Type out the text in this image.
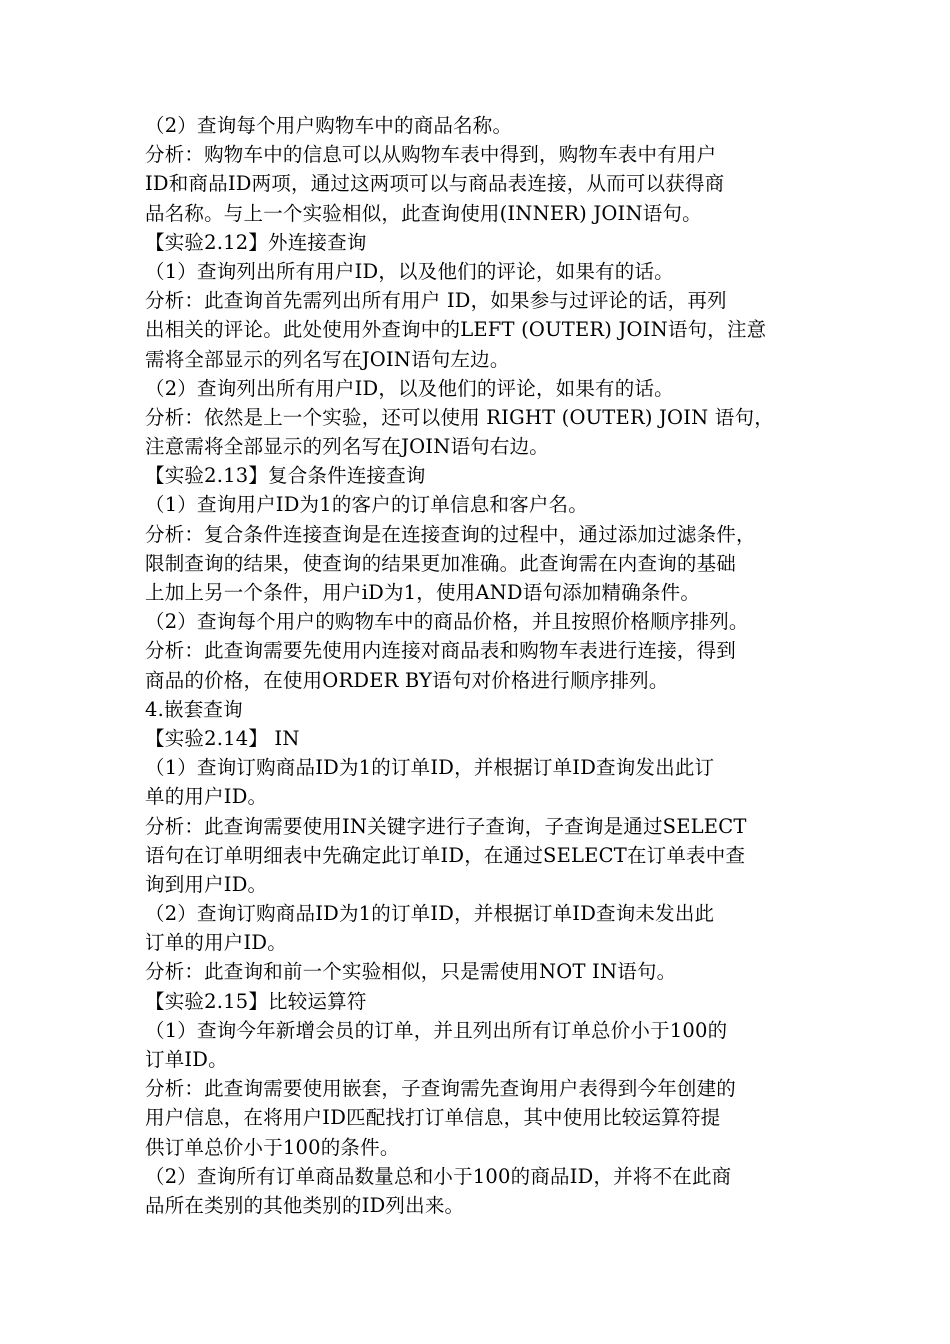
（2）查询每个用户购物车中的商品名称。
分析：购物车中的信息可以从购物车表中得到，购物车表中有用户
ID和商品ID两项，通过这两项可以与商品表连接，从而可以获得商
品名称。与上一个实验相似，此查询使用(INNER) JOIN语句。
【实验2.12】外连接查询
（1）查询列出所有用户ID，以及他们的评论，如果有的话。
分析：此查询首先需列出所有用户 ID，如果参与过评论的话，再列
出相关的评论。此处使用外查询中的LEFT (OUTER) JOIN语句，注意
需将全部显示的列名写在JOIN语句左边。
（2）查询列出所有用户ID，以及他们的评论，如果有的话。
分析：依然是上一个实验，还可以使用 RIGHT (OUTER) JOIN 语句，
注意需将全部显示的列名写在JOIN语句右边。
【实验2.13】复合条件连接查询
（1）查询用户ID为1的客户的订单信息和客户名。
分析：复合条件连接查询是在连接查询的过程中，通过添加过滤条件，
限制查询的结果，使查询的结果更加准确。此查询需在内查询的基础
上加上另一个条件，用户iD为1，使用AND语句添加精确条件。
（2）查询每个用户的购物车中的商品价格，并且按照价格顺序排列。
分析：此查询需要先使用内连接对商品表和购物车表进行连接，得到
商品的价格，在使用ORDER BY语句对价格进行顺序排列。
4.嵌套查询
【实验2.14】 IN
（1）查询订购商品ID为1的订单ID，并根据订单ID查询发出此订
单的用户ID。
分析：此查询需要使用IN关键字进行子查询，子查询是通过SELECT
语句在订单明细表中先确定此订单ID，在通过SELECT在订单表中查
询到用户ID。
（2）查询订购商品ID为1的订单ID，并根据订单ID查询未发出此
订单的用户ID。
分析：此查询和前一个实验相似，只是需使用NOT IN语句。
【实验2.15】比较运算符
（1）查询今年新增会员的订单，并且列出所有订单总价小于100的
订单ID。
分析：此查询需要使用嵌套，子查询需先查询用户表得到今年创建的
用户信息，在将用户ID匹配找打订单信息，其中使用比较运算符提
供订单总价小于100的条件。
（2）查询所有订单商品数量总和小于100的商品ID，并将不在此商
品所在类别的其他类别的ID列出来。
